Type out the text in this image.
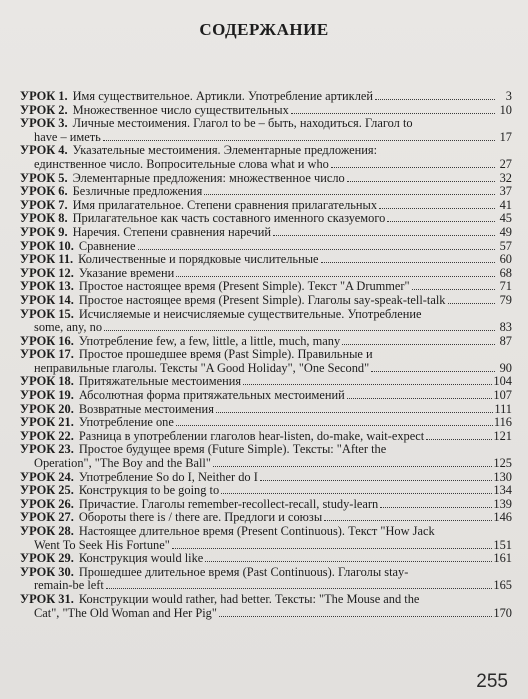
СОДЕРЖАНИЕ
УРОК 1. Имя существительное. Артикли. Употребление артиклей	3
УРОК 2. Множественное число существительных	10
УРОК 3. Личные местоимения. Глагол to be – быть, находиться. Глагол to
have – иметь	17
УРОК 4. Указательные местоимения. Элементарные предложения:
единственное число. Вопросительные слова what и who	27
УРОК 5. Элементарные предложения: множественное число	32
УРОК 6. Безличные предложения	37
УРОК 7. Имя прилагательное. Степени сравнения прилагательных	41
УРОК 8. Прилагательное как часть составного именного сказуемого	45
УРОК 9. Наречия. Степени сравнения наречий	49
УРОК 10. Сравнение	57
УРОК 11. Количественные и порядковые числительные	60
УРОК 12. Указание времени	68
УРОК 13. Простое настоящее время (Present Simple). Текст "A Drummer"	71
УРОК 14. Простое настоящее время (Present Simple). Глаголы say-speak-tell-talk	79
УРОК 15. Исчисляемые и неисчисляемые существительные. Употребление
some, any, no	83
УРОК 16. Употребление few, a few, little, a little, much, many	87
УРОК 17. Простое прошедшее время (Past Simple). Правильные и
неправильные глаголы. Тексты "A Good Holiday", "One Second"	90
УРОК 18. Притяжательные местоимения	104
УРОК 19. Абсолютная форма притяжательных местоимений	107
УРОК 20. Возвратные местоимения	111
УРОК 21. Употребление one	116
УРОК 22. Разница в употреблении глаголов hear-listen, do-make, wait-expect	121
УРОК 23. Простое будущее время (Future Simple). Тексты: "After the
Operation", "The Boy and the Ball"	125
УРОК 24. Употребление So do I, Neither do I	130
УРОК 25. Конструкция to be going to	134
УРОК 26. Причастие. Глаголы remember-recollect-recall, study-learn	139
УРОК 27. Обороты there is / there are. Предлоги и союзы	146
УРОК 28. Настоящее длительное время (Present Continuous). Текст "How Jack
Went To Seek His Fortune"	151
УРОК 29. Конструкция would like	161
УРОК 30. Прошедшее длительное время (Past Continuous). Глаголы stay-
remain-be left	165
УРОК 31. Конструкции would rather, had better. Тексты: "The Mouse and the
Cat", "The Old Woman and Her Pig"	170
255
